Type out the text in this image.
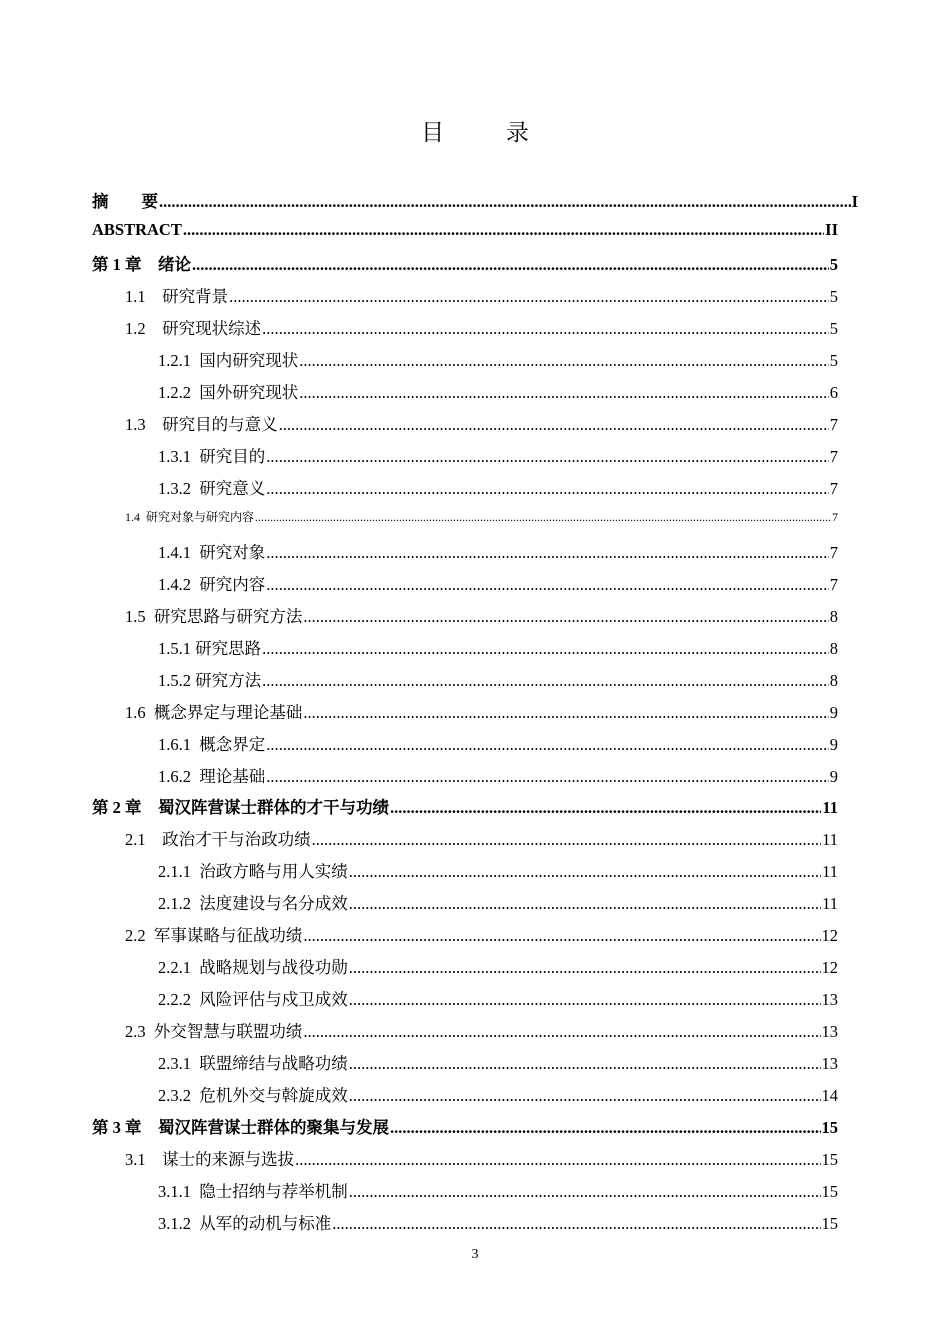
目 录
摘　　要 .....	I
ABSTRACT .....	II
第 1 章　绪论 .....	5
1.1　研究背景 .....	5
1.2　研究现状综述 .....	5
1.2.1  国内研究现状 .....	5
1.2.2  国外研究现状 .....	6
1.3　研究目的与意义 .....	7
1.3.1  研究目的 .....	7
1.3.2  研究意义 .....	7
1.4  研究对象与研究内容 .....	7
1.4.1  研究对象 .....	7
1.4.2  研究内容 .....	7
1.5  研究思路与研究方法 .....	8
1.5.1 研究思路 .....	8
1.5.2 研究方法 .....	8
1.6  概念界定与理论基础 .....	9
1.6.1  概念界定 .....	9
1.6.2  理论基础 .....	9
第 2 章　蜀汉阵营谋士群体的才干与功绩 .....	11
2.1　政治才干与治政功绩 .....	11
2.1.1  治政方略与用人实绩 .....	11
2.1.2  法度建设与名分成效 .....	11
2.2  军事谋略与征战功绩 .....	12
2.2.1  战略规划与战役功勋 .....	12
2.2.2  风险评估与戍卫成效 .....	13
2.3  外交智慧与联盟功绩 .....	13
2.3.1  联盟缔结与战略功绩 .....	13
2.3.2  危机外交与斡旋成效 .....	14
第 3 章　蜀汉阵营谋士群体的聚集与发展 .....	15
3.1　谋士的来源与选拔 .....	15
3.1.1  隐士招纳与荐举机制 .....	15
3.1.2  从军的动机与标准 .....	15
3
